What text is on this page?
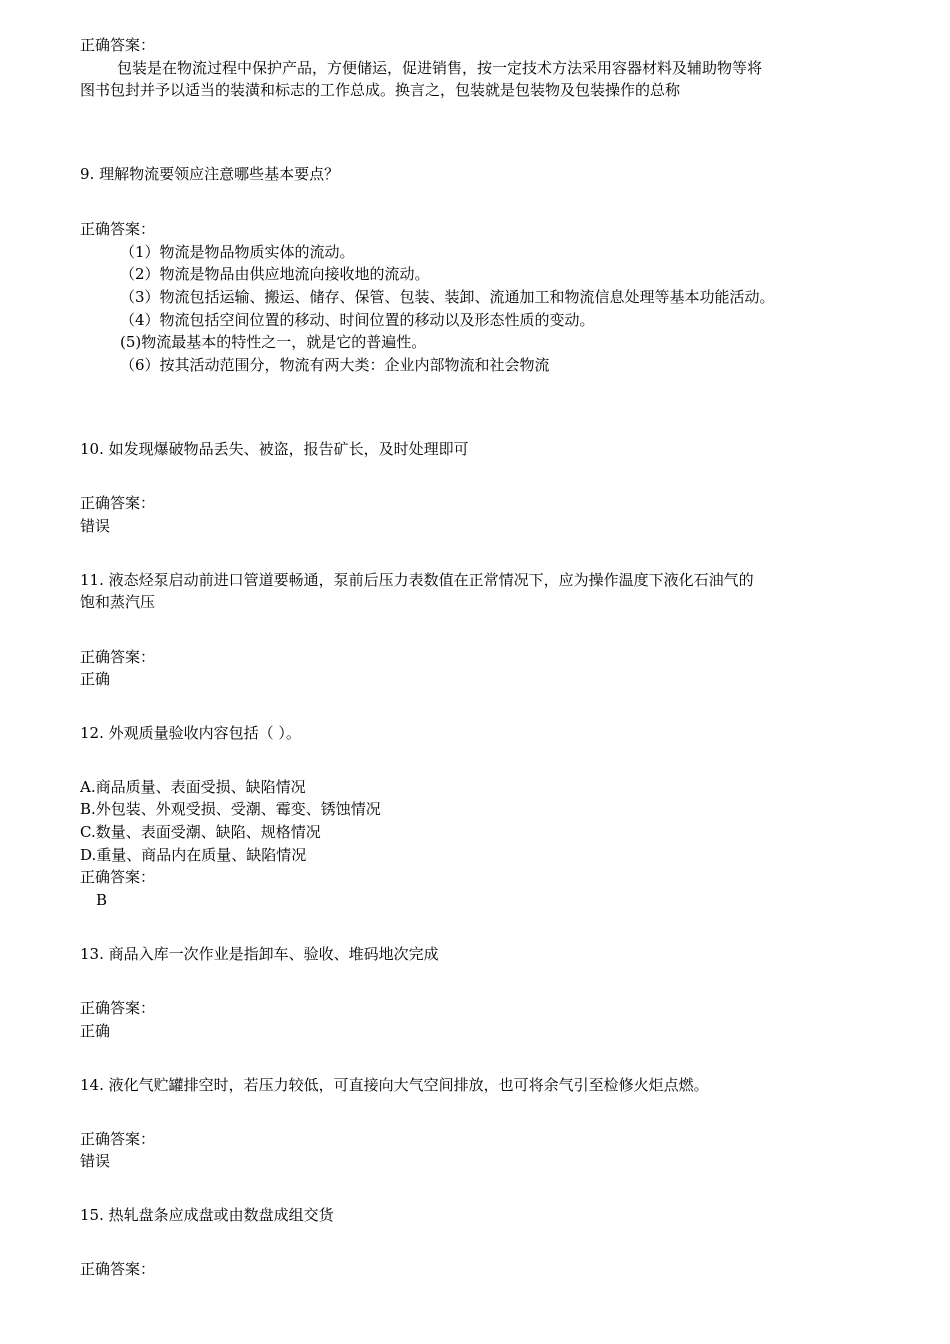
正确答案：
包装是在物流过程中保护产品，方便储运，促进销售，按一定技术方法采用容器材料及辅助物等将
图书包封并予以适当的装潢和标志的工作总成。换言之，包装就是包装物及包装操作的总称
9. 理解物流要领应注意哪些基本要点？
正确答案：
（1）物流是物品物质实体的流动。
（2）物流是物品由供应地流向接收地的流动。
（3）物流包括运输、搬运、储存、保管、包装、装卸、流通加工和物流信息处理等基本功能活动。
（4）物流包括空间位置的移动、时间位置的移动以及形态性质的变动。
(5)物流最基本的特性之一，就是它的普遍性。
（6）按其活动范围分，物流有两大类：企业内部物流和社会物流
10. 如发现爆破物品丢失、被盗，报告矿长，及时处理即可
正确答案：
错误
11. 液态烃泵启动前进口管道要畅通，泵前后压力表数值在正常情况下，应为操作温度下液化石油气的
饱和蒸汽压
正确答案：
正确
12. 外观质量验收内容包括（ ）。
A.商品质量、表面受损、缺陷情况
B.外包装、外观受损、受潮、霉变、锈蚀情况
C.数量、表面受潮、缺陷、规格情况
D.重量、商品内在质量、缺陷情况
正确答案：
B
13. 商品入库一次作业是指卸车、验收、堆码地次完成
正确答案：
正确
14. 液化气贮罐排空时，若压力较低，可直接向大气空间排放，也可将余气引至检修火炬点燃。
正确答案：
错误
15. 热轧盘条应成盘或由数盘成组交货
正确答案：
